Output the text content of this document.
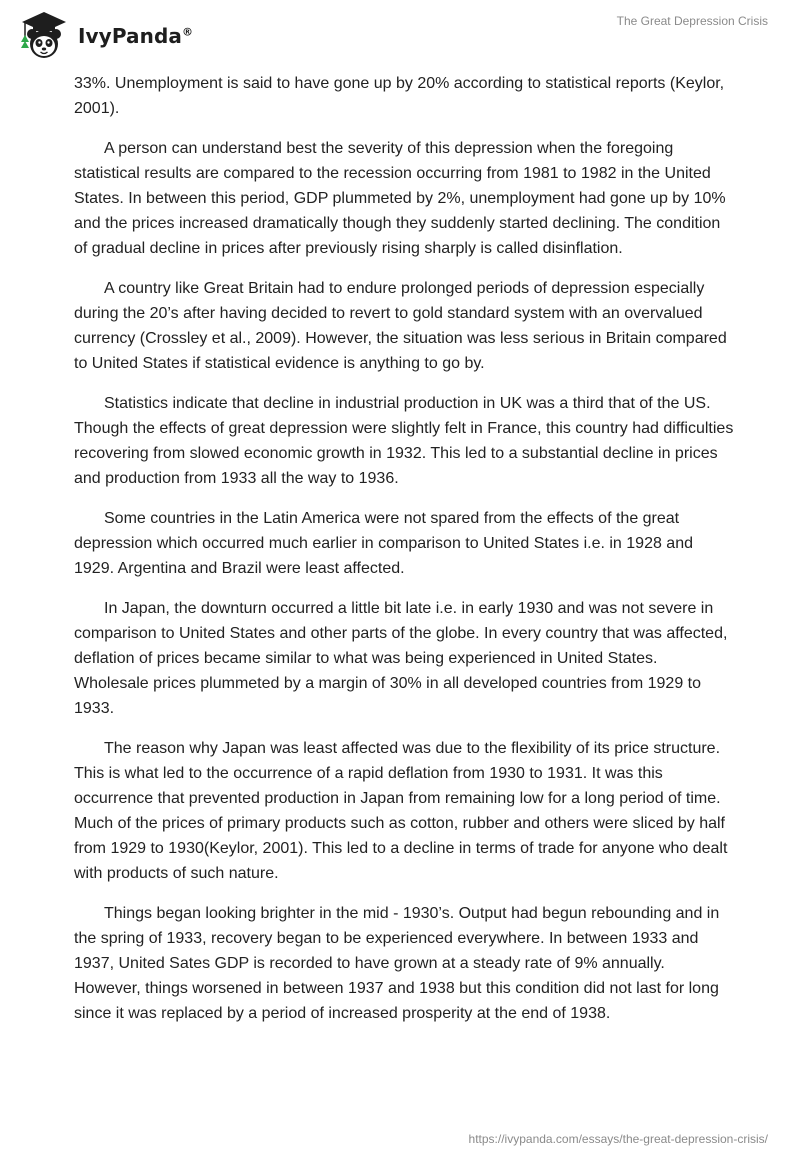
IvyPanda®
The Great Depression Crisis

33%. Unemployment is said to have gone up by 20% according to statistical reports (Keylor, 2001).

A person can understand best the severity of this depression when the foregoing statistical results are compared to the recession occurring from 1981 to 1982 in the United States. In between this period, GDP plummeted by 2%, unemployment had gone up by 10% and the prices increased dramatically though they suddenly started declining. The condition of gradual decline in prices after previously rising sharply is called disinflation.

A country like Great Britain had to endure prolonged periods of depression especially during the 20’s after having decided to revert to gold standard system with an overvalued currency (Crossley et al., 2009). However, the situation was less serious in Britain compared to United States if statistical evidence is anything to go by.

Statistics indicate that decline in industrial production in UK was a third that of the US. Though the effects of great depression were slightly felt in France, this country had difficulties recovering from slowed economic growth in 1932. This led to a substantial decline in prices and production from 1933 all the way to 1936.

Some countries in the Latin America were not spared from the effects of the great depression which occurred much earlier in comparison to United States i.e. in 1928 and 1929. Argentina and Brazil were least affected.

In Japan, the downturn occurred a little bit late i.e. in early 1930 and was not severe in comparison to United States and other parts of the globe. In every country that was affected, deflation of prices became similar to what was being experienced in United States. Wholesale prices plummeted by a margin of 30% in all developed countries from 1929 to 1933.

The reason why Japan was least affected was due to the flexibility of its price structure. This is what led to the occurrence of a rapid deflation from 1930 to 1931. It was this occurrence that prevented production in Japan from remaining low for a long period of time. Much of the prices of primary products such as cotton, rubber and others were sliced by half from 1929 to 1930(Keylor, 2001). This led to a decline in terms of trade for anyone who dealt with products of such nature.

Things began looking brighter in the mid - 1930’s. Output had begun rebounding and in the spring of 1933, recovery began to be experienced everywhere. In between 1933 and 1937, United Sates GDP is recorded to have grown at a steady rate of 9% annually. However, things worsened in between 1937 and 1938 but this condition did not last for long since it was replaced by a period of increased prosperity at the end of 1938.

https://ivypanda.com/essays/the-great-depression-crisis/
